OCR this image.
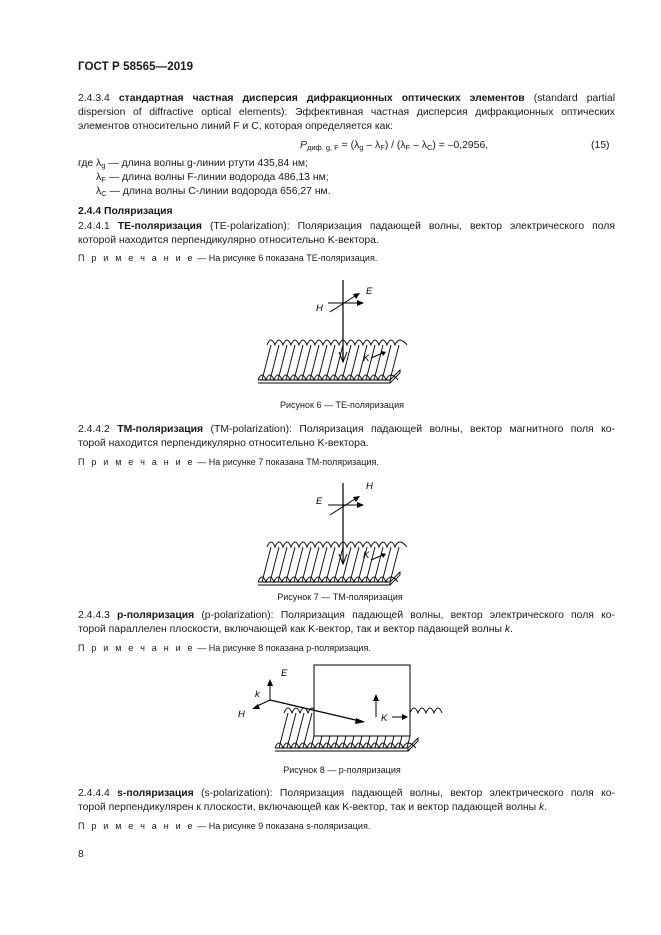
ГОСТ Р 58565—2019
2.4.3.4 стандартная частная дисперсия дифракционных оптических элементов (standard partial
dispersion of diffractive optical elements): Эффективная частная дисперсия дифракционных оптических
элементов относительно линий F и C, которая определяется как:
$P_{диф. g, F} = (\lambda_g - \lambda_F) / (\lambda_F - \lambda_C) = -0,2956$,	(15)
где $\lambda_g$ — длина волны g-линии ртути 435,84 нм;
$\lambda_F$ — длина волны F-линии водорода 486,13 нм;
$\lambda_C$ — длина волны C-линии водорода 656,27 нм.
2.4.4 Поляризация
2.4.4.1 ТЕ-поляризация (TE-polarization): Поляризация падающей волны, вектор электрического поля
которой находится перпендикулярно относительно K-вектора.
П р и м е ч а н и е — На рисунке 6 показана TE-поляризация.
E
H
K
Рисунок 6 — ТЕ-поляризация
2.4.4.2 TM-поляризация (TM-polarization): Поляризация падающей волны, вектор магнитного поля ко-
торой находится перпендикулярно относительно K-вектора.
П р и м е ч а н и е — На рисунке 7 показана TM-поляризация.
H
E
K
Рисунок 7 — ТМ-поляризация
2.4.4.3 p-поляризация (p-polarization): Поляризация падающей волны, вектор электрического поля ко-
торой параллелен плоскости, включающей как K-вектор, так и вектор падающей волны k.
П р и м е ч а н и е — На рисунке 8 показана p-поляризация.
E
k
H	K
Рисунок 8 — p-поляризация
2.4.4.4 s-поляризация (s-polarization): Поляризация падающей волны, вектор электрического поля ко-
торой перпендикулярен к плоскости, включающей как K-вектор, так и вектор падающей волны k.
П р и м е ч а н и е — На рисунке 9 показана s-поляризация.
8
